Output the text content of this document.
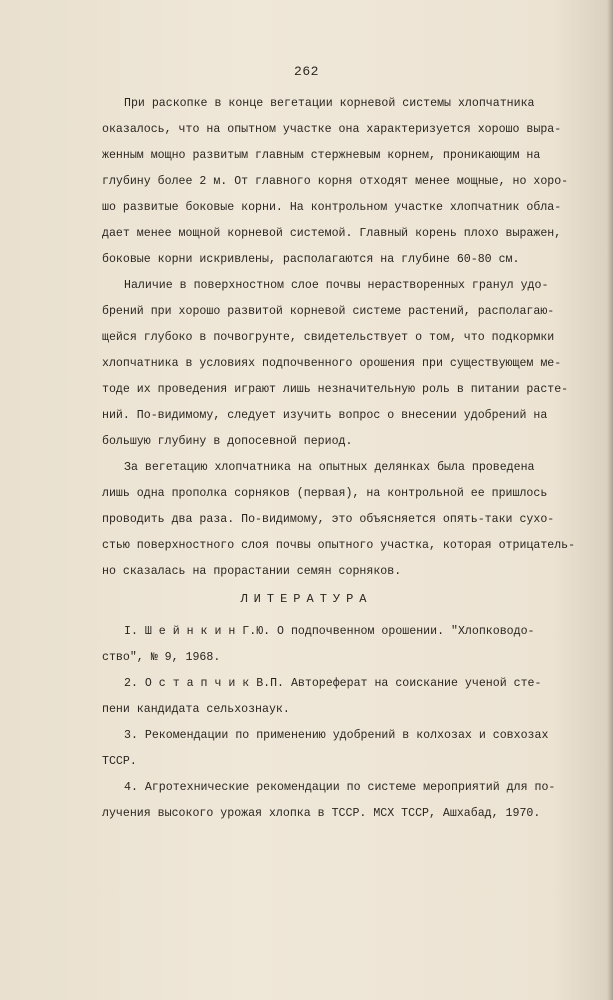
262
При раскопке в конце вегетации корневой системы хлопчатника
оказалось, что на опытном участке она характеризуется хорошо выра-
женным мощно развитым главным стержневым корнем, проникающим на
глубину более 2 м. От главного корня отходят менее мощные, но хоро-
шо развитые боковые корни. На контрольном участке хлопчатник обла-
дает менее мощной корневой системой. Главный корень плохо выражен,
боковые корни искривлены, располагаются на глубине 60-80 см.
Наличие в поверхностном слое почвы нерастворенных гранул удо-
брений при хорошо развитой корневой системе растений, располагаю-
щейся глубоко в почвогрунте, свидетельствует о том, что подкормки
хлопчатника в условиях подпочвенного орошения при существующем ме-
тоде их проведения играют лишь незначительную роль в питании расте-
ний. По-видимому, следует изучить вопрос о внесении удобрений на
большую глубину в допосевной период.
За вегетацию хлопчатника на опытных делянках была проведена
лишь одна прополка сорняков (первая), на контрольной ее пришлось
проводить два раза. По-видимому, это объясняется опять-таки сухо-
стью поверхностного слоя почвы опытного участка, которая отрицатель-
но сказалась на прорастании семян сорняков.
ЛИТЕРАТУРА
I. Ш е й н к и н Г.Ю. О подпочвенном орошении. "Хлопководо-
ство", № 9, 1968.
2. О с т а п ч и к В.П. Автореферат на соискание ученой сте-
пени кандидата сельхознаук.
3. Рекомендации по применению удобрений в колхозах и совхозах
ТССР.
4. Агротехнические рекомендации по системе мероприятий для по-
лучения высокого урожая хлопка в ТССР. МСХ ТССР, Ашхабад, 1970.
